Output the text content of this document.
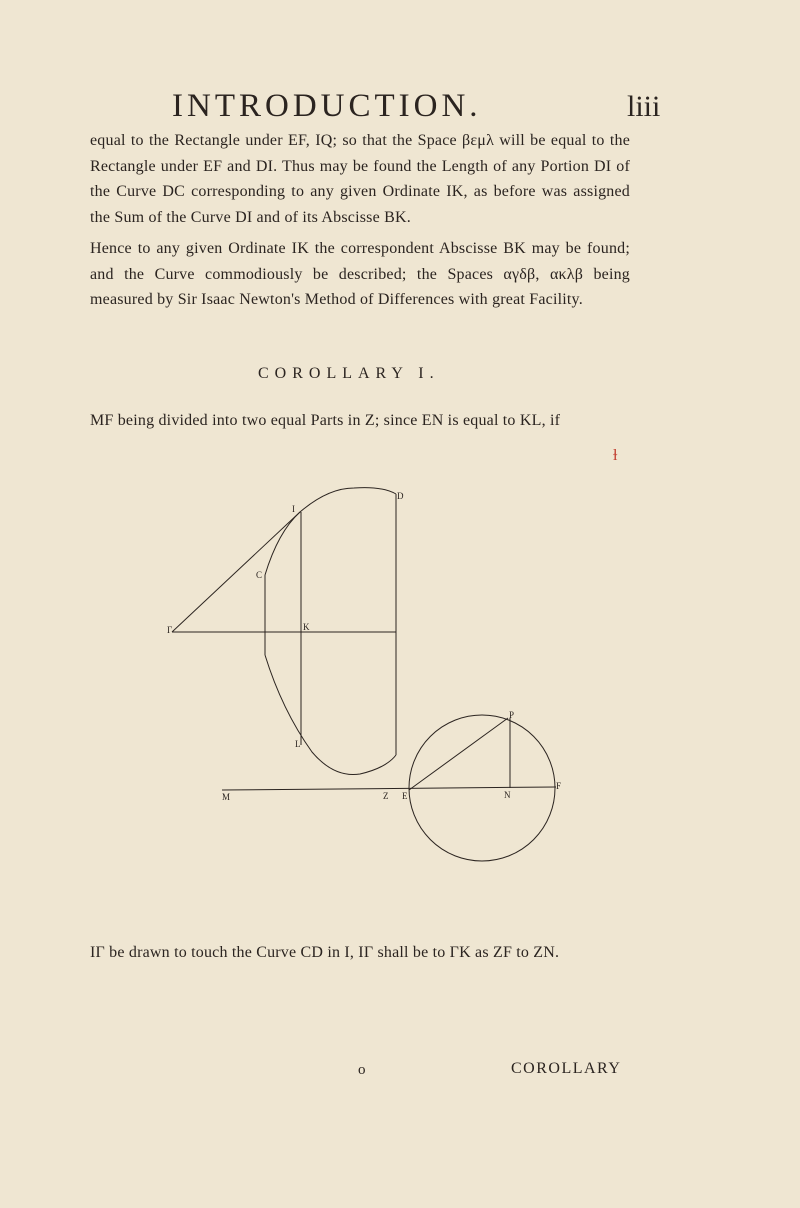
INTRODUCTION.	liii
equal to the Rectangle under EF, IQ; so that the Space βεμλ will be equal to the Rectangle under EF and DI. Thus may be found the Length of any Portion DI of the Curve DC corresponding to any given Ordinate IK, as before was assigned the Sum of the Curve DI and of its Abscisse BK.
Hence to any given Ordinate IK the correspondent Abscisse BK may be found; and the Curve commodiously be described; the Spaces αγδβ, ακλβ being measured by Sir Isaac Newton's Method of Differences with great Facility.
COROLLARY I.
MF being divided into two equal Parts in Z; since EN is equal to KL, if
ɫ
D
I
C
Γ	K
L
M	Z E	N
F
P
IΓ be drawn to touch the Curve CD in I, IΓ shall be to ΓK as ZF to ZN.
o	COROLLARY
